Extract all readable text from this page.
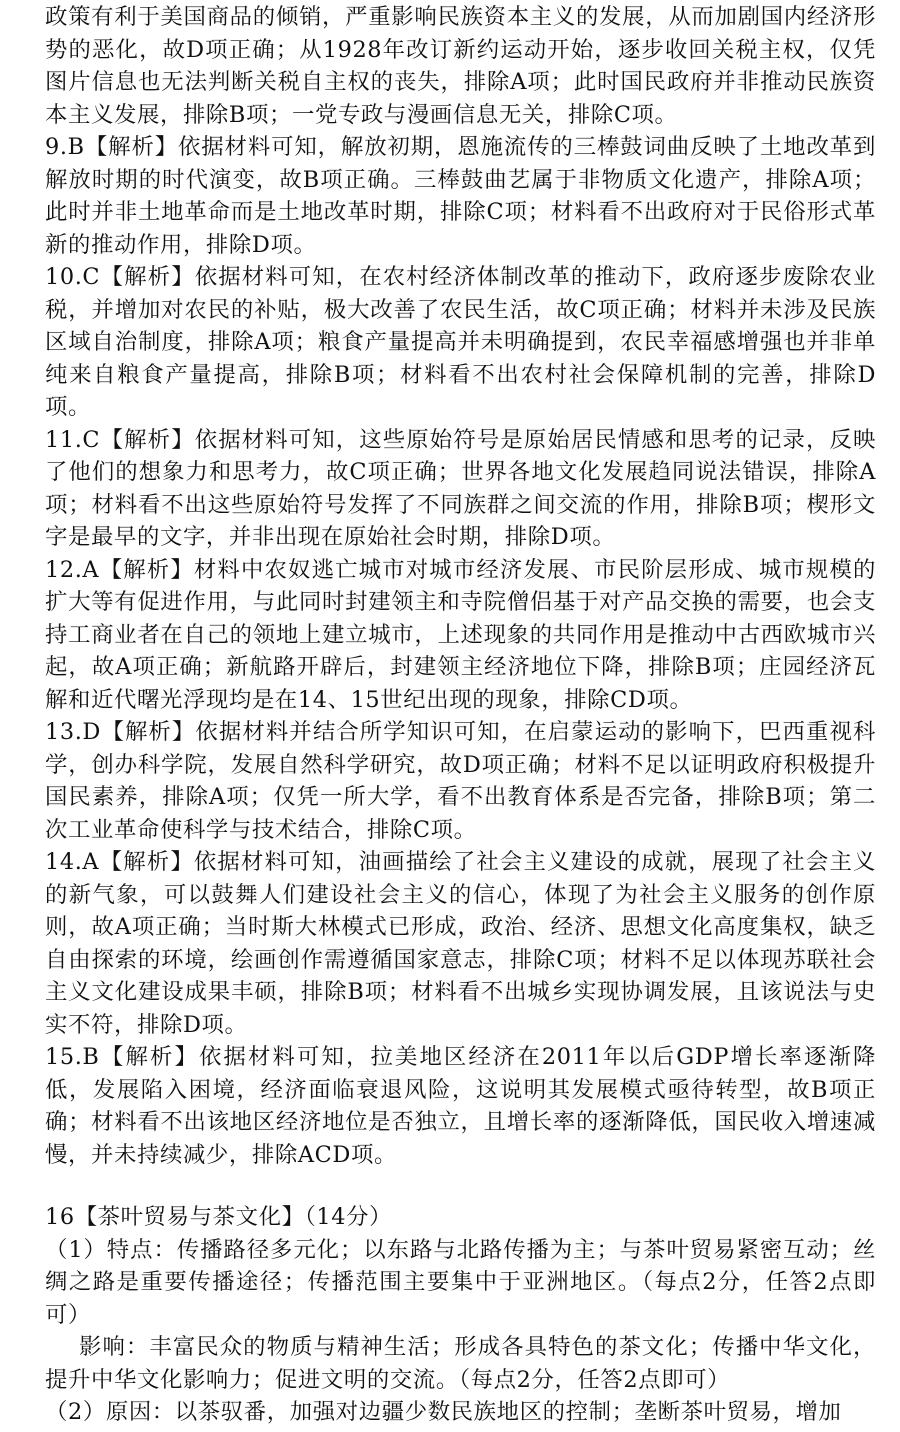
政策有利于美国商品的倾销，严重影响民族资本主义的发展，从而加剧国内经济形势的恶化，故D项正确；从1928年改订新约运动开始，逐步收回关税主权，仅凭图片信息也无法判断关税自主权的丧失，排除A项；此时国民政府并非推动民族资本主义发展，排除B项；一党专政与漫画信息无关，排除C项。

9.B【解析】依据材料可知，解放初期，恩施流传的三棒鼓词曲反映了土地改革到解放时期的时代演变，故B项正确。三棒鼓曲艺属于非物质文化遗产，排除A项；此时并非土地革命而是土地改革时期，排除C项；材料看不出政府对于民俗形式革新的推动作用，排除D项。

10.C【解析】依据材料可知，在农村经济体制改革的推动下，政府逐步废除农业税，并增加对农民的补贴，极大改善了农民生活，故C项正确；材料并未涉及民族区域自治制度，排除A项；粮食产量提高并未明确提到，农民幸福感增强也并非单纯来自粮食产量提高，排除B项；材料看不出农村社会保障机制的完善，排除D项。

11.C【解析】依据材料可知，这些原始符号是原始居民情感和思考的记录，反映了他们的想象力和思考力，故C项正确；世界各地文化发展趋同说法错误，排除A项；材料看不出这些原始符号发挥了不同族群之间交流的作用，排除B项；楔形文字是最早的文字，并非出现在原始社会时期，排除D项。

12.A【解析】材料中农奴逃亡城市对城市经济发展、市民阶层形成、城市规模的扩大等有促进作用，与此同时封建领主和寺院僧侣基于对产品交换的需要，也会支持工商业者在自己的领地上建立城市，上述现象的共同作用是推动中古西欧城市兴起，故A项正确；新航路开辟后，封建领主经济地位下降，排除B项；庄园经济瓦解和近代曙光浮现均是在14、15世纪出现的现象，排除CD项。

13.D【解析】依据材料并结合所学知识可知，在启蒙运动的影响下，巴西重视科学，创办科学院，发展自然科学研究，故D项正确；材料不足以证明政府积极提升国民素养，排除A项；仅凭一所大学，看不出教育体系是否完备，排除B项；第二次工业革命使科学与技术结合，排除C项。

14.A【解析】依据材料可知，油画描绘了社会主义建设的成就，展现了社会主义的新气象，可以鼓舞人们建设社会主义的信心，体现了为社会主义服务的创作原则，故A项正确；当时斯大林模式已形成，政治、经济、思想文化高度集权，缺乏自由探索的环境，绘画创作需遵循国家意志，排除C项；材料不足以体现苏联社会主义文化建设成果丰硕，排除B项；材料看不出城乡实现协调发展，且该说法与史实不符，排除D项。

15.B【解析】依据材料可知，拉美地区经济在2011年以后GDP增长率逐渐降低，发展陷入困境，经济面临衰退风险，这说明其发展模式亟待转型，故B项正确；材料看不出该地区经济地位是否独立，且增长率的逐渐降低，国民收入增速减慢，并未持续减少，排除ACD项。

16【茶叶贸易与茶文化】（14分）

（1）特点：传播路径多元化；以东路与北路传播为主；与茶叶贸易紧密互动；丝绸之路是重要传播途径；传播范围主要集中于亚洲地区。（每点2分，任答2点即可）

影响：丰富民众的物质与精神生活；形成各具特色的茶文化；传播中华文化，提升中华文化影响力；促进文明的交流。（每点2分，任答2点即可）

（2）原因：以茶驭番，加强对边疆少数民族地区的控制；垄断茶叶贸易，增加
